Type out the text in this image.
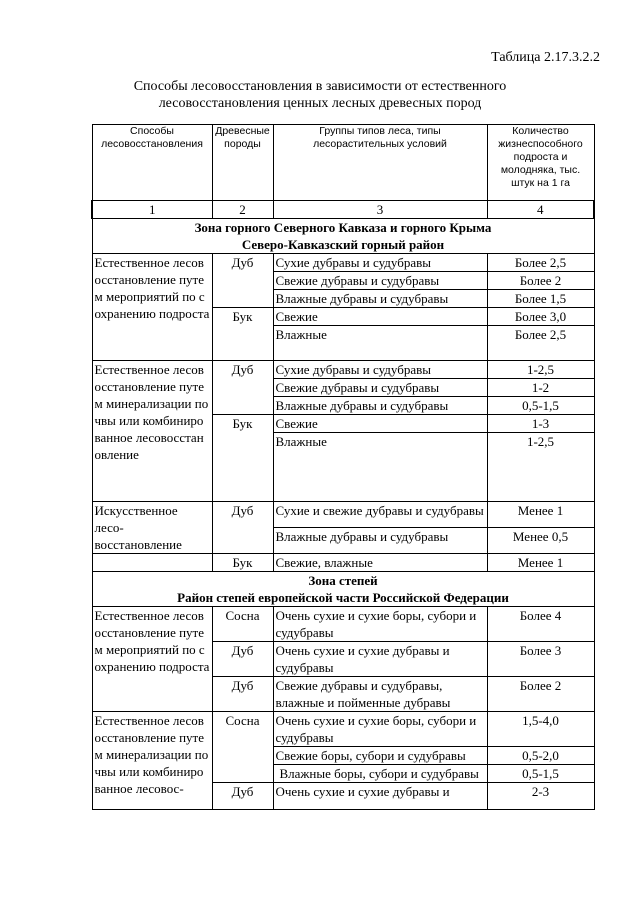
Таблица 2.17.3.2.2
Способы лесовосстановления в зависимости от естественного
лесовосстановления ценных лесных древесных пород
Способы лесовосстановления	Древесные породы	Группы типов леса, типы лесорастительных условий	Количество жизнеспособного подроста и молодняка, тыс. штук на 1 га
1	2	3	4

Зона горного Северного Кавказа и горного Крыма
Северо-Кавказский горный район			

Естественное лесовосстановление путем мероприятий по сохранению подроста	Дуб	Сухие дубравы и судубравы	Более 2,5
		Свежие дубравы и судубравы	Более 2
		Влажные дубравы и судубравы	Более 1,5
	Бук	Свежие	Более 3,0
		Влажные	Более 2,5
Естественное лесовосстановление путем минерализации почвы или комбинированное лесовосстановление	Дуб	Сухие дубравы и судубравы	1-2,5
		Свежие дубравы и судубравы	1-2
		Влажные дубравы и судубравы	0,5-1,5
	Бук	Свежие	1-3
		Влажные	1-2,5
Искусственное лесо-восстановление	Дуб	Сухие и свежие дубравы и судубравы	Менее 1
		Влажные дубравы и судубравы	Менее 0,5
	Бук	Свежие, влажные	Менее 1

Зона степей
Район степей европейской части Российской Федерации			

Естественное лесовосстановление путем мероприятий по сохранению подроста	Сосна	Очень сухие и сухие боры, субори и судубравы	Более 4
	Дуб	Очень сухие и сухие дубравы и судубравы	Более 3
	Дуб	Свежие дубравы и судубравы, влажные и пойменные дубравы	Более 2
Естественное лесовосстановление путем минерализации почвы или комбинированное лесовос-	Сосна	Очень сухие и сухие боры, субори и судубравы	1,5-4,0
		Свежие боры, субори и судубравы	0,5-2,0
		Влажные боры, субори и судубравы	0,5-1,5
	Дуб	Очень сухие и сухие дубравы и	2-3
